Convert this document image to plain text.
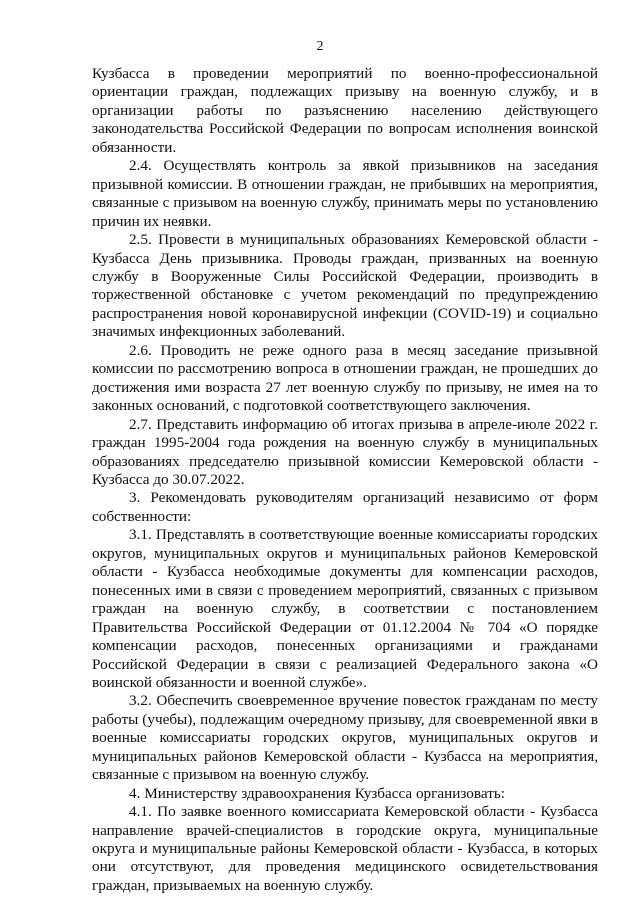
2

Кузбасса в проведении мероприятий по военно-профессиональной ориентации граждан, подлежащих призыву на военную службу, и в организации работы по разъяснению населению действующего законодательства Российской Федерации по вопросам исполнения воинской обязанности.

2.4. Осуществлять контроль за явкой призывников на заседания призывной комиссии. В отношении граждан, не прибывших на мероприятия, связанные с призывом на военную службу, принимать меры по установлению причин их неявки.

2.5. Провести в муниципальных образованиях Кемеровской области - Кузбасса День призывника. Проводы граждан, призванных на военную службу в Вооруженные Силы Российской Федерации, производить в торжественной обстановке с учетом рекомендаций по предупреждению распространения новой коронавирусной инфекции (COVID-19) и социально значимых инфекционных заболеваний.

2.6. Проводить не реже одного раза в месяц заседание призывной комиссии по рассмотрению вопроса в отношении граждан, не прошедших до достижения ими возраста 27 лет военную службу по призыву, не имея на то законных оснований, с подготовкой соответствующего заключения.

2.7. Представить информацию об итогах призыва в апреле-июле 2022 г. граждан 1995-2004 года рождения на военную службу в муниципальных образованиях председателю призывной комиссии Кемеровской области - Кузбасса до 30.07.2022.

3. Рекомендовать руководителям организаций независимо от форм собственности:

3.1. Представлять в соответствующие военные комиссариаты городских округов, муниципальных округов и муниципальных районов Кемеровской области - Кузбасса необходимые документы для компенсации расходов, понесенных ими в связи с проведением мероприятий, связанных с призывом граждан на военную службу, в соответствии с постановлением Правительства Российской Федерации от 01.12.2004 № 704 «О порядке компенсации расходов, понесенных организациями и гражданами Российской Федерации в связи с реализацией Федерального закона «О воинской обязанности и военной службе».

3.2. Обеспечить своевременное вручение повесток гражданам по месту работы (учебы), подлежащим очередному призыву, для своевременной явки в военные комиссариаты городских округов, муниципальных округов и муниципальных районов Кемеровской области - Кузбасса на мероприятия, связанные с призывом на военную службу.

4. Министерству здравоохранения Кузбасса организовать:

4.1. По заявке военного комиссариата Кемеровской области - Кузбасса направление врачей-специалистов в городские округа, муниципальные округа и муниципальные районы Кемеровской области - Кузбасса, в которых они отсутствуют, для проведения медицинского освидетельствования граждан, призываемых на военную службу.
